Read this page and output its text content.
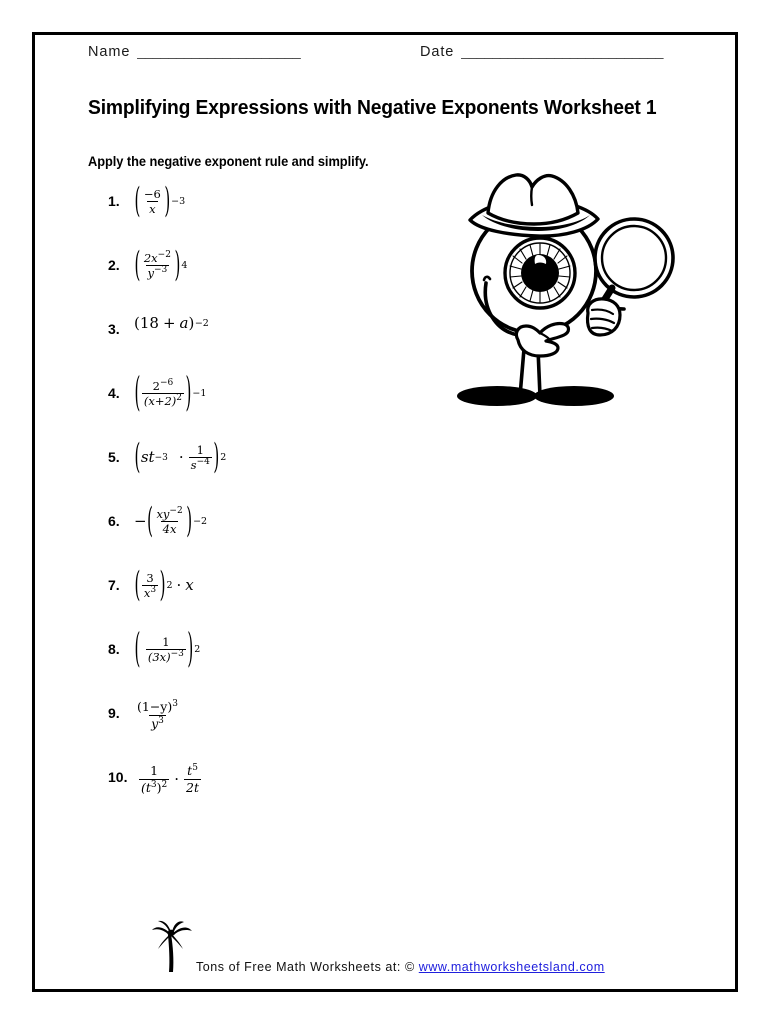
Name _____________________	Date __________________________
Simplifying Expressions with Negative Exponents Worksheet 1
Apply the negative exponent rule and simplify.
1. ( $\frac{-6}{x}$ ) −3
2. ( $\frac{2x^{-2}}{y^{-3}}$ ) 4
3. ( 18 + a ) −2
4. ( $\frac{2^{-6}}{(x+2)^2}$ ) −1
5. ( st $-3 \cdot \frac{1}{s^{-4}}$ ) 2
6. − ( $\frac{xy^{-2}}{4x}$ ) −2
7. ( $\frac{3}{x^3}$ ) 2 · x
8. ( $\frac{1}{(3x)^{-3}}$ ) 2
9.	$\frac{(1-y)^3}{y^3}$
10. $\frac{1}{(t^3)^2} \cdot \frac{t^5}{2t}$
Tons of Free Math Worksheets at: © www.mathworksheetsland.com
